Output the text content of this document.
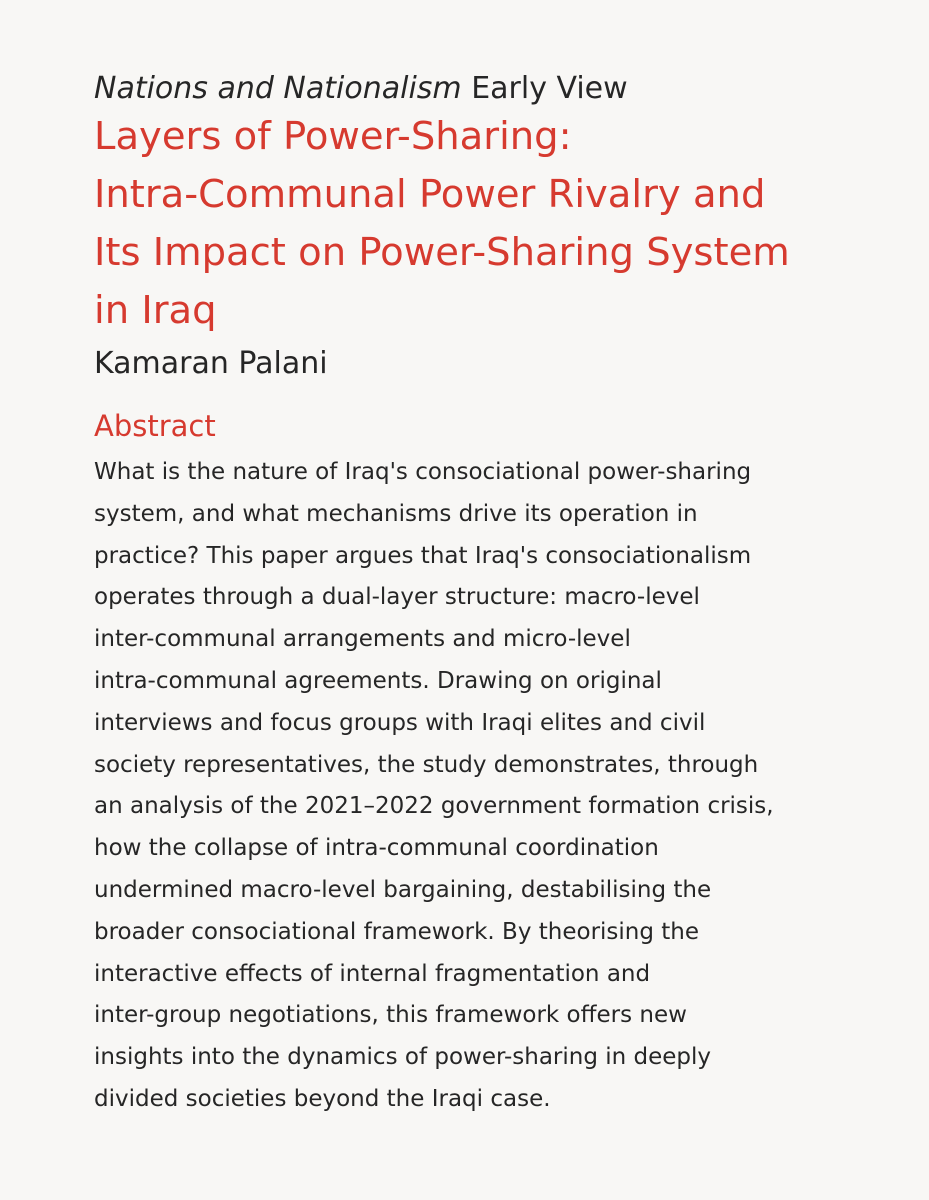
Nations and Nationalism Early View

Layers of Power-Sharing:
Intra-Communal Power Rivalry and
Its Impact on Power-Sharing System
in Iraq

Kamaran Palani

Abstract

What is the nature of Iraq's consociational power-sharing
system, and what mechanisms drive its operation in
practice? This paper argues that Iraq's consociationalism
operates through a dual-layer structure: macro-level
inter-communal arrangements and micro-level
intra-communal agreements. Drawing on original
interviews and focus groups with Iraqi elites and civil
society representatives, the study demonstrates, through
an analysis of the 2021–2022 government formation crisis,
how the collapse of intra-communal coordination
undermined macro-level bargaining, destabilising the
broader consociational framework. By theorising the
interactive effects of internal fragmentation and
inter-group negotiations, this framework offers new
insights into the dynamics of power-sharing in deeply
divided societies beyond the Iraqi case.
